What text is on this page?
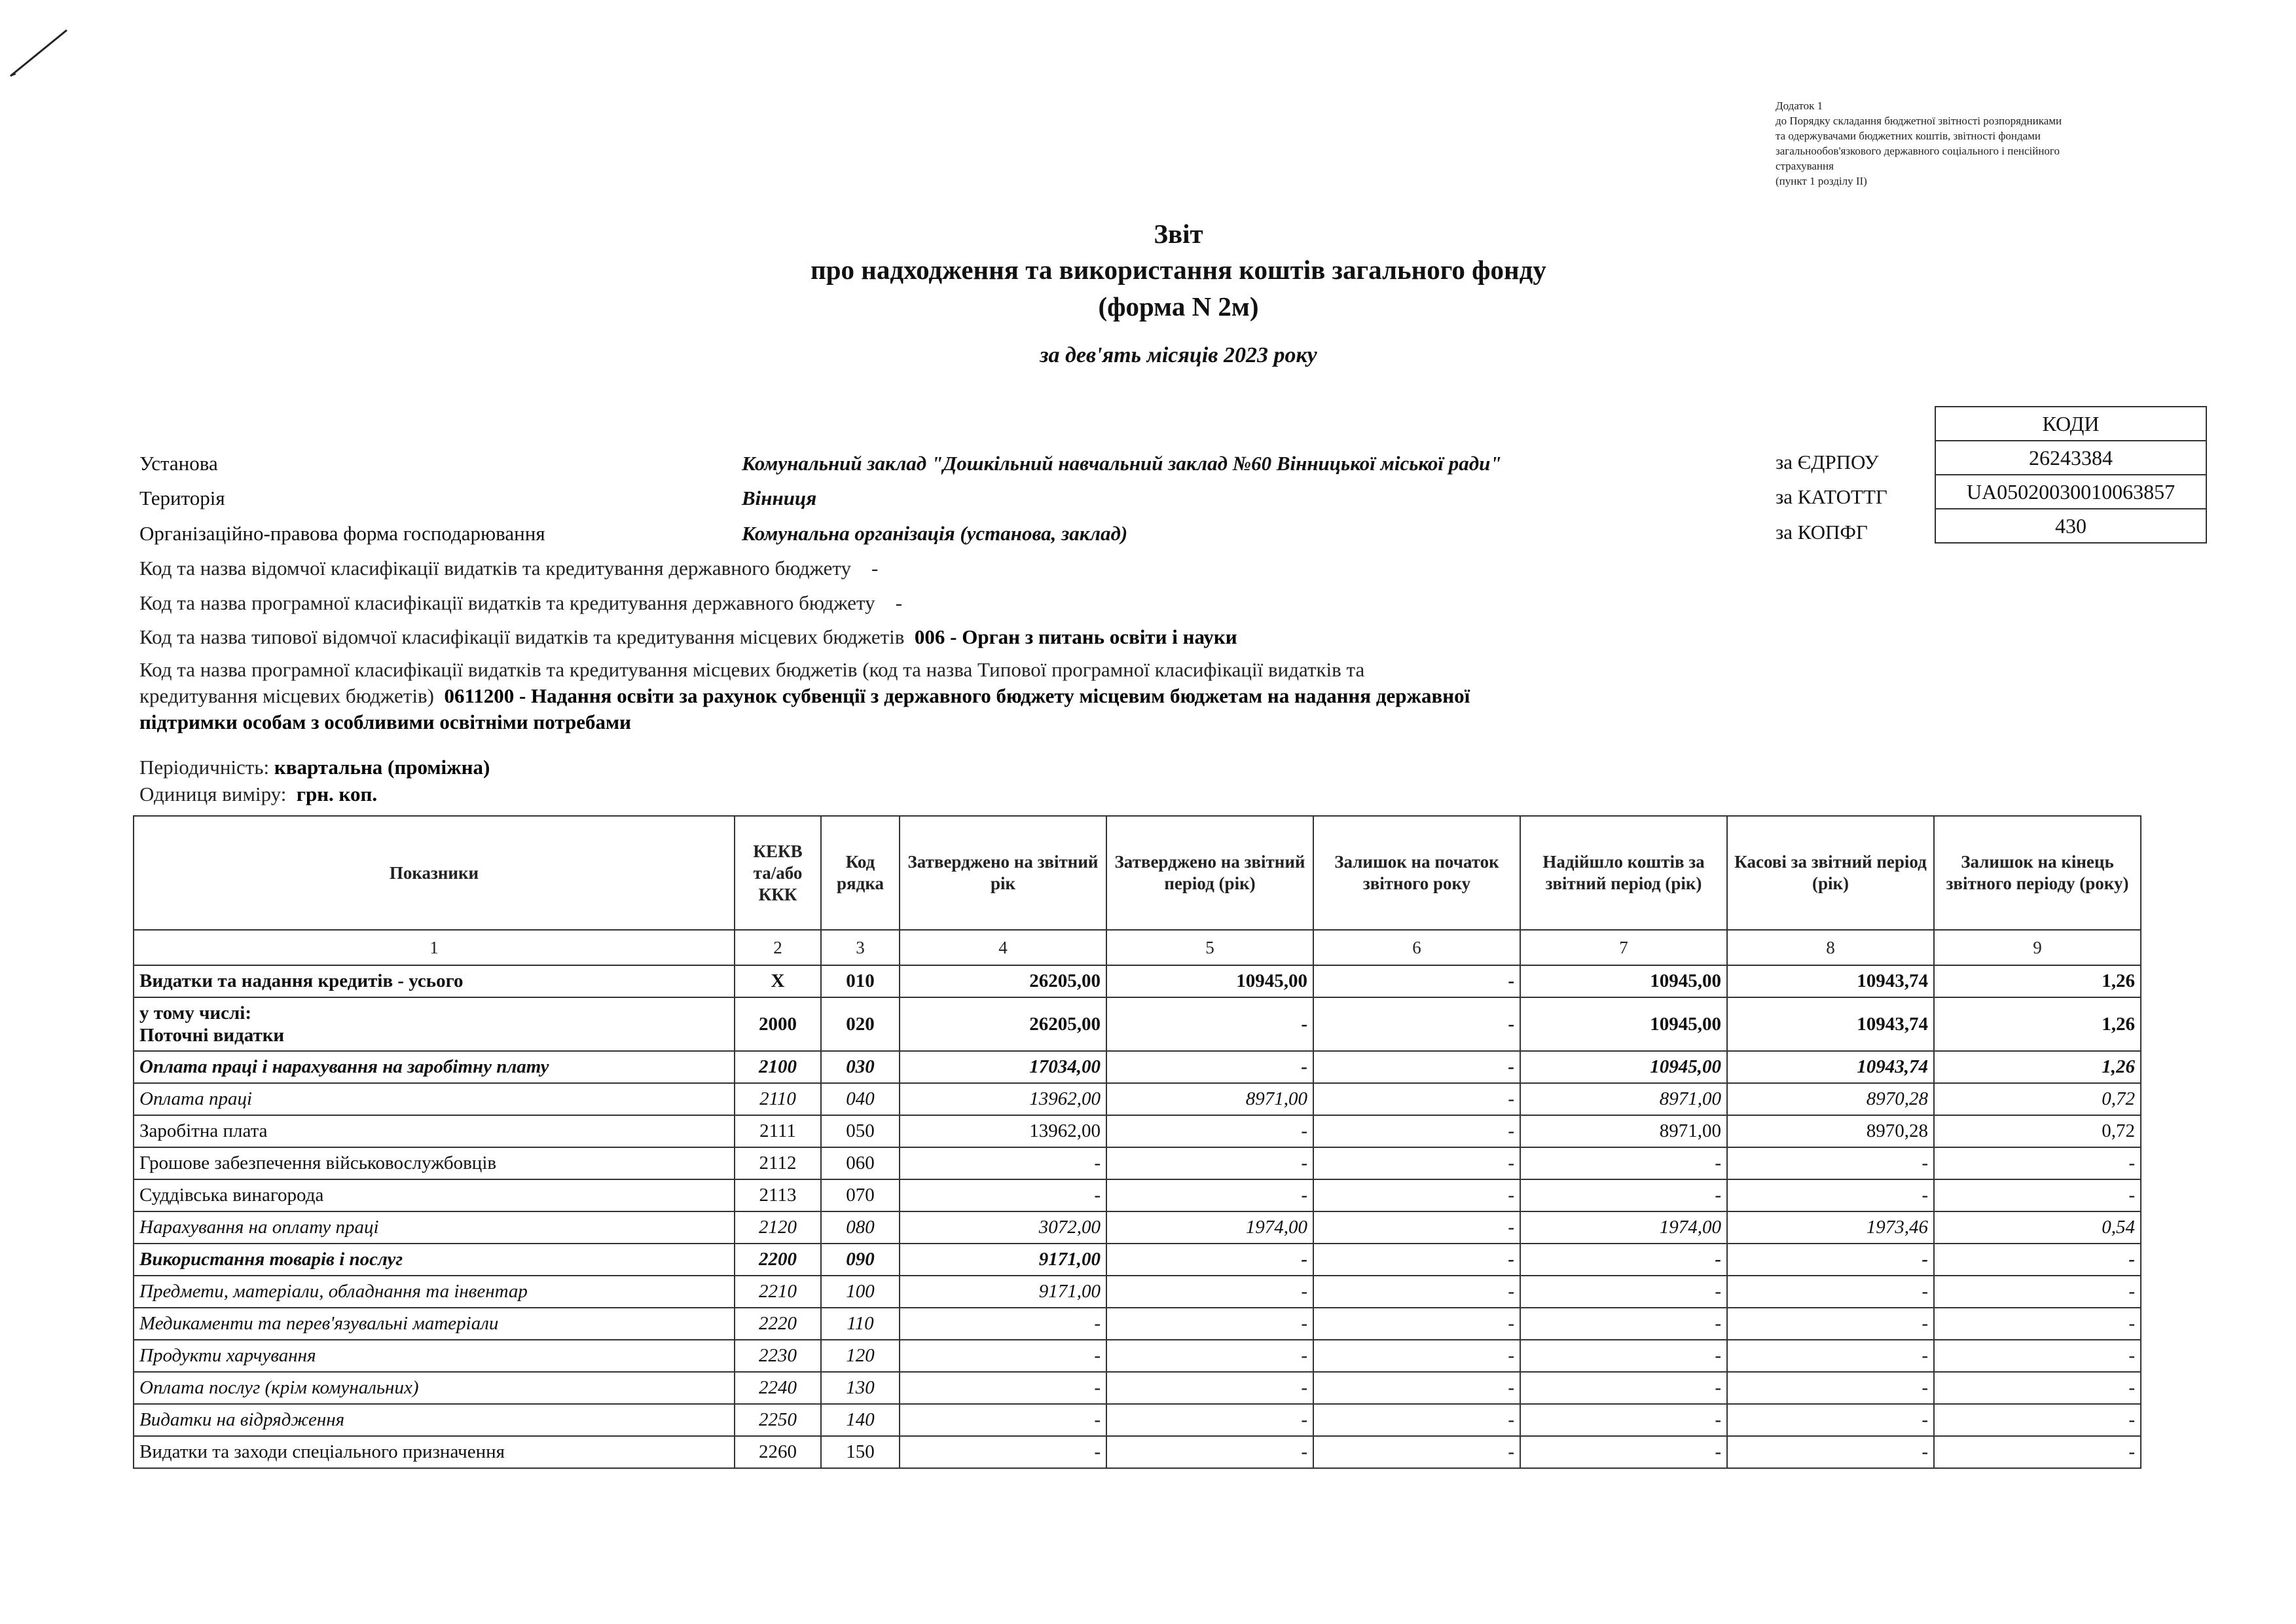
Додаток 1
до Порядку складання бюджетної звітності розпорядниками
та одержувачами бюджетних коштів, звітності фондами
загальнообов'язкового державного соціального і пенсійного
страхування
(пункт 1 розділу II)
Звіт
про надходження та використання коштів загального фонду
(форма N 2м)
за дев'ять місяців 2023 року
Установа	Комунальний заклад "Дошкільний навчальний заклад №60 Вінницької міської ради"
Територія	Вінниця
Організаційно-правова форма господарювання	Комунальна організація (установа, заклад)
за ЄДРПОУ
за КАТОТТГ
за КОПФГ
КОДИ
26243384
UA05020030010063857
430
Код та назва відомчої класифікації видатків та кредитування державного бюджету -
Код та назва програмної класифікації видатків та кредитування державного бюджету -
Код та назва типової відомчої класифікації видатків та кредитування місцевих бюджетів 006 - Орган з питань освіти і науки
Код та назва програмної класифікації видатків та кредитування місцевих бюджетів (код та назва Типової програмної класифікації видатків та
кредитування місцевих бюджетів) 0611200 - Надання освіти за рахунок субвенції з державного бюджету місцевим бюджетам на надання державної
підтримки особам з особливими освітніми потребами
Періодичність: квартальна (проміжна)
Одиниця виміру: грн. коп.
Показники	КЕКВ та/або ККК	Код рядка	Затверджено на звітний рік	Затверджено на звітний період (рік)	Залишок на початок звітного року	Надійшло коштів за звітний період (рік)	Касові за звітний період (рік)	Залишок на кінець звітного періоду (року)
1	2	3	4	5	6	7	8	9
Видатки та надання кредитів - усього	X	010	26205,00	10945,00	-	10945,00	10943,74	1,26

у тому числі:
Поточні видатки	2000	020	26205,00	-	-	10945,00	10943,74	1,26
Оплата праці і нарахування на заробітну плату	2100	030	17034,00	-	-	10945,00	10943,74	1,26
Оплата праці	2110	040	13962,00	8971,00	-	8971,00	8970,28	0,72
Заробітна плата	2111	050	13962,00	-	-	8971,00	8970,28	0,72
Грошове забезпечення військовослужбовців	2112	060	-	-	-	-	-	-
Суддівська винагорода	2113	070	-	-	-	-	-	-
Нарахування на оплату праці	2120	080	3072,00	1974,00	-	1974,00	1973,46	0,54
Використання товарів і послуг	2200	090	9171,00	-	-	-	-	-
Предмети, матеріали, обладнання та інвентар	2210	100	9171,00	-	-	-	-	-
Медикаменти та перев'язувальні матеріали	2220	110	-	-	-	-	-	-
Продукти харчування	2230	120	-	-	-	-	-	-
Оплата послуг (крім комунальних)	2240	130	-	-	-	-	-	-
Видатки на відрядження	2250	140	-	-	-	-	-	-
Видатки та заходи спеціального призначення	2260	150	-	-	-	-	-	-
